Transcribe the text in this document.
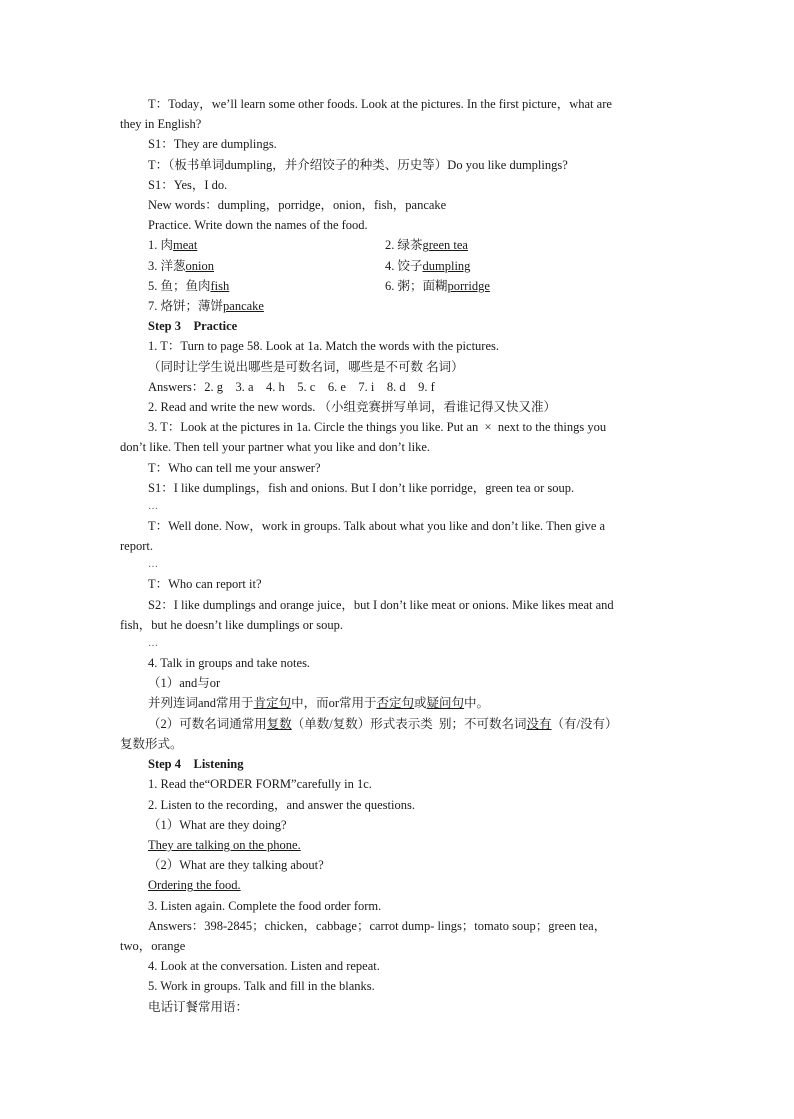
T：Today，we’ll learn some other foods. Look at the pictures. In the first picture，what are
they in English?
S1：They are dumplings.
T：（板书单词dumpling，并介绍饺子的种类、历史等）Do you like dumplings?
S1：Yes，I do.
New words：dumpling，porridge，onion，fish，pancake
Practice. Write down the names of the food.
1. 肉meat	2. 绿茶green tea
3. 洋葱onion	4. 饺子dumpling
5. 鱼；鱼肉fish	6. 粥；面糊porridge
7. 烙饼；薄饼pancake
Step 3    Practice
1. T：Turn to page 58. Look at 1a. Match the words with the pictures.
（同时让学生说出哪些是可数名词，哪些是不可数 名词）
Answers：2. g    3. a    4. h    5. c    6. e    7. i    8. d    9. f
2. Read and write the new words. （小组竞赛拼写单词，看谁记得又快又准）
3. T：Look at the pictures in 1a. Circle the things you like. Put an  ×  next to the things you
don’t like. Then tell your partner what you like and don’t like.
T：Who can tell me your answer?
S1：I like dumplings，fish and onions. But I don’t like porridge，green tea or soup.
…
T：Well done. Now，work in groups. Talk about what you like and don’t like. Then give a
report.
…
T：Who can report it?
S2：I like dumplings and orange juice，but I don’t like meat or onions. Mike likes meat and
fish，but he doesn’t like dumplings or soup.
…
4. Talk in groups and take notes.
（1）and与or
并列连词and常用于肯定句中，而or常用于否定句或疑问句中。
（2）可数名词通常用复数（单数/复数）形式表示类  别；不可数名词没有（有/没有）
复数形式。
Step 4    Listening
1. Read the“ORDER FORM”carefully in 1c.
2. Listen to the recording，and answer the questions.
（1）What are they doing?
They are talking on the phone.
（2）What are they talking about?
Ordering the food.
3. Listen again. Complete the food order form.
Answers：398-2845；chicken，cabbage；carrot dump- lings；tomato soup；green tea，
two，orange
4. Look at the conversation. Listen and repeat.
5. Work in groups. Talk and fill in the blanks.
电话订餐常用语：
